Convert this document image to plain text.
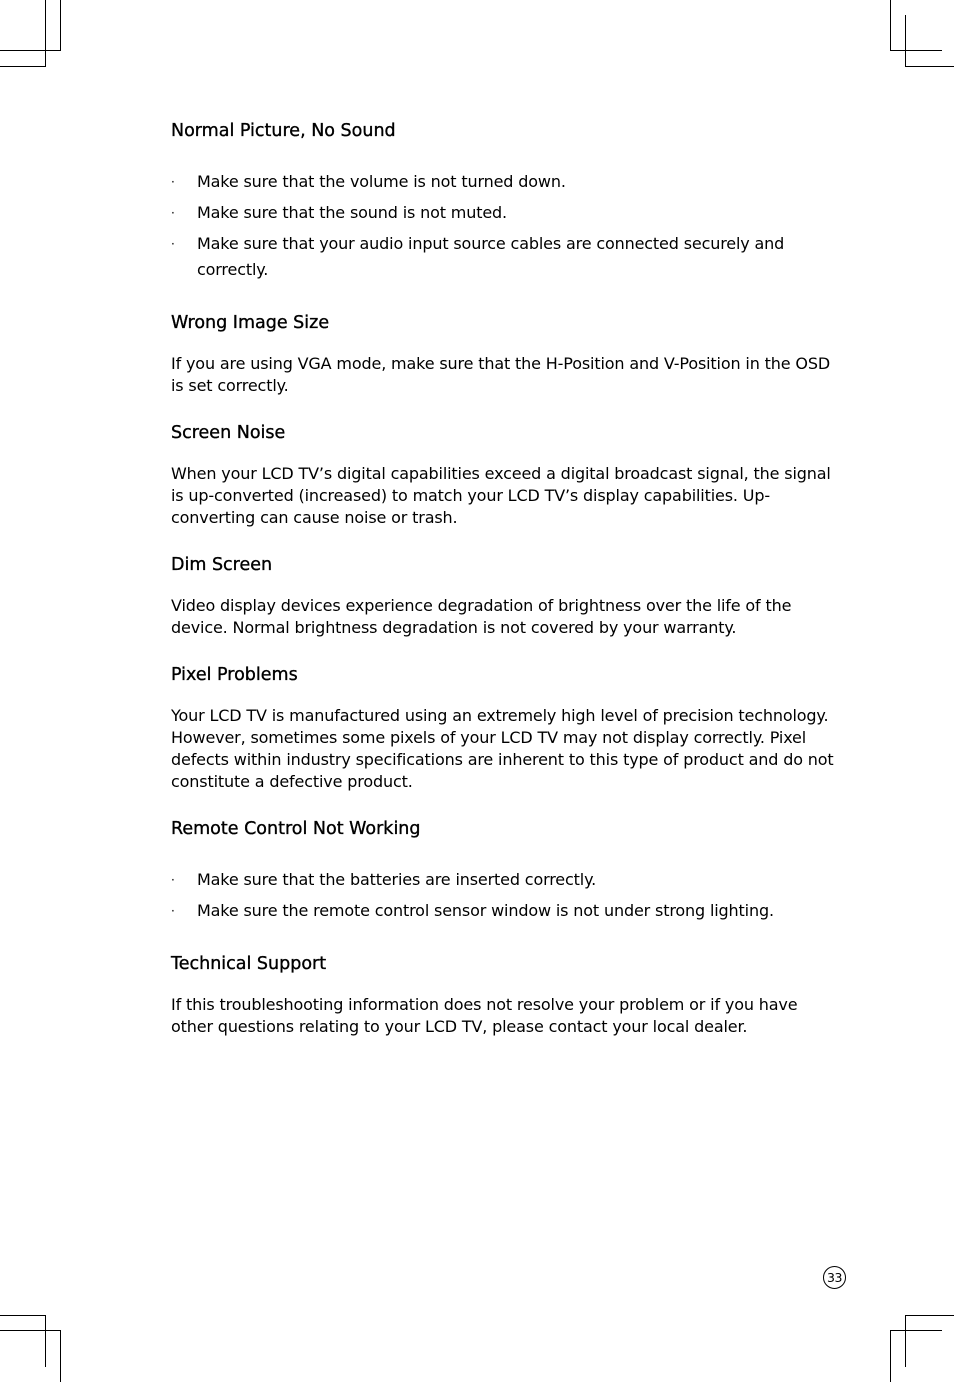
Normal Picture, No Sound
· Make sure that the volume is not turned down.
· Make sure that the sound is not muted.
· Make sure that your audio input source cables are connected securely and correctly.
Wrong Image Size

If you are using VGA mode, make sure that the H-Position and V-Position in the OSD is set correctly.

Screen Noise

When your LCD TV’s digital capabilities exceed a digital broadcast signal, the signal is up-converted (increased) to match your LCD TV’s display capabilities. Up-converting can cause noise or trash.

Dim Screen

Video display devices experience degradation of brightness over the life of the device. Normal brightness degradation is not covered by your warranty.

Pixel Problems

Your LCD TV is manufactured using an extremely high level of precision technology. However, sometimes some pixels of your LCD TV may not display correctly. Pixel defects within industry specifications are inherent to this type of product and do not constitute a defective product.

Remote Control Not Working
· Make sure that the batteries are inserted correctly.
· Make sure the remote control sensor window is not under strong lighting.
Technical Support

If this troubleshooting information does not resolve your problem or if you have other questions relating to your LCD TV, please contact your local dealer.

33
